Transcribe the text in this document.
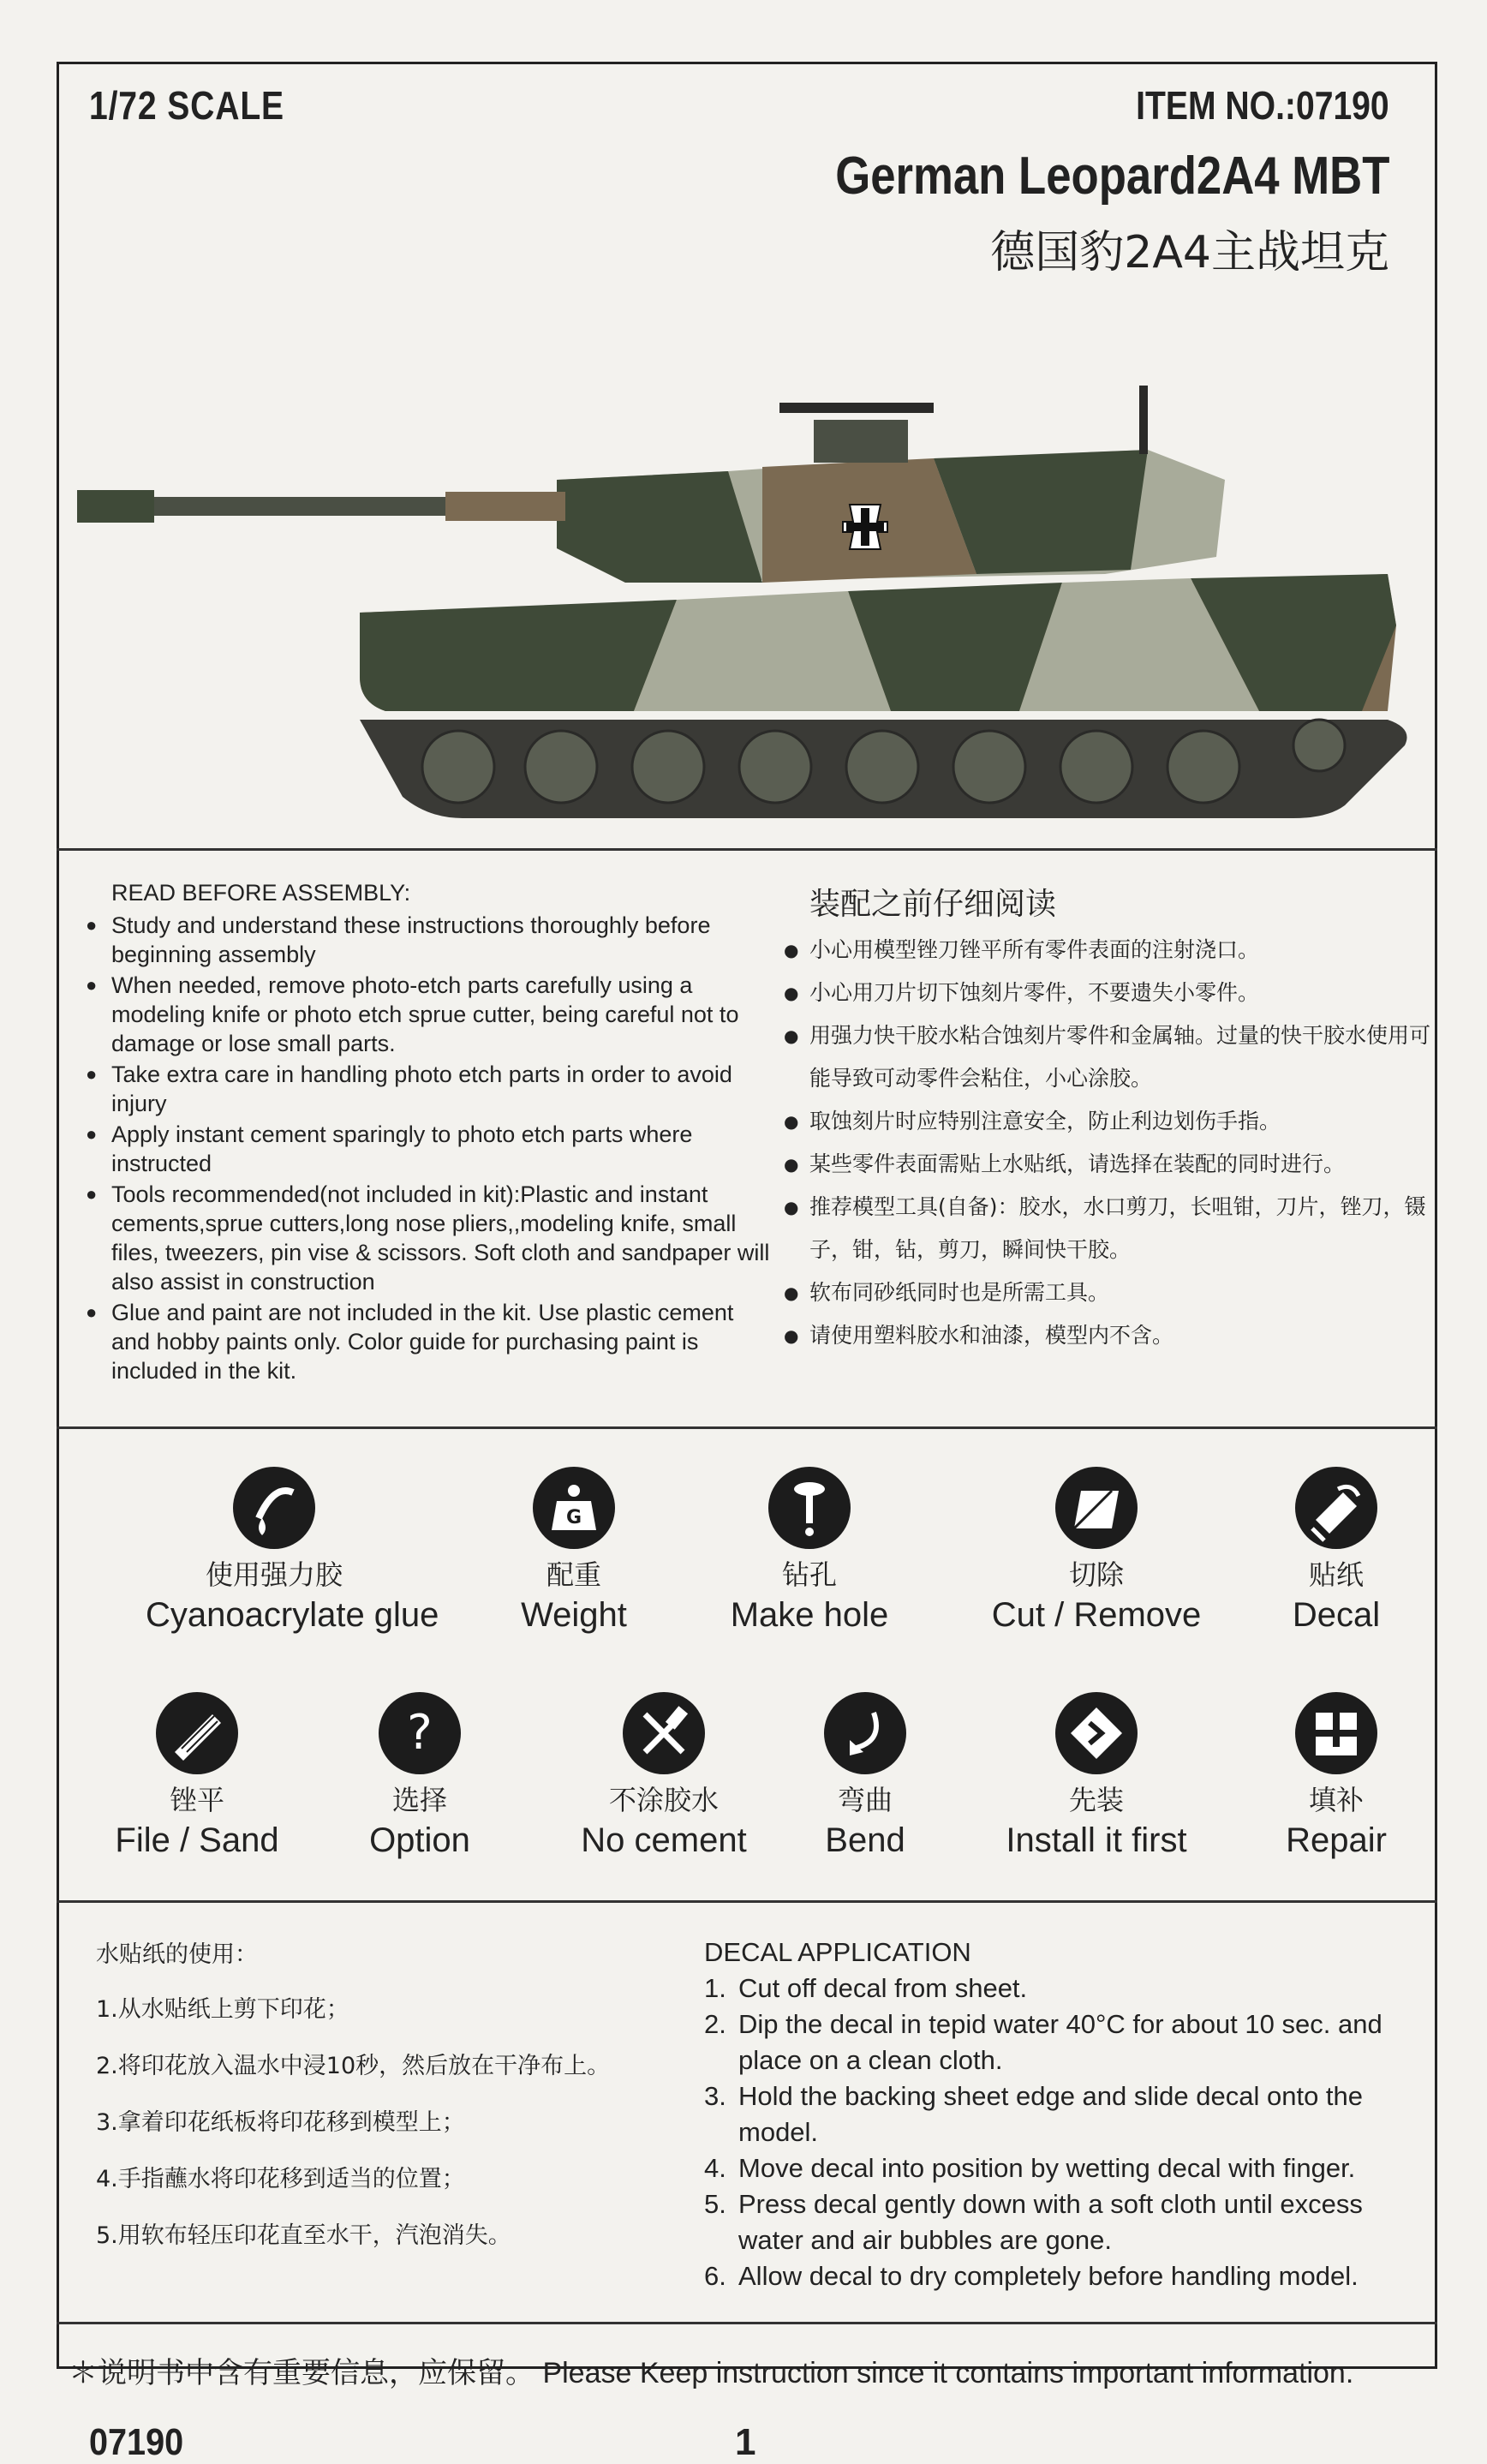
1/72 SCALE	ITEM NO.:07190
German Leopard2A4 MBT
德国豹2A4主战坦克
READ BEFORE ASSEMBLY:
● Study and understand these instructions thoroughly before beginning assembly
● When needed, remove photo-etch parts carefully using a modeling knife or photo etch sprue cutter, being careful not to damage or lose small parts.
● Take extra care in handling photo etch parts in order to avoid injury
● Apply instant cement sparingly to photo etch parts where instructed
● Tools recommended(not included in kit):Plastic and instant cements,sprue cutters,long nose pliers,,modeling knife, small files, tweezers, pin vise & scissors. Soft cloth and sandpaper will also assist in construction
● Glue and paint are not included in the kit. Use plastic cement and hobby paints only. Color guide for purchasing paint is included in the kit.
装配之前仔细阅读
● 小心用模型锉刀锉平所有零件表面的注射浇口。
● 小心用刀片切下蚀刻片零件，不要遗失小零件。
● 用强力快干胶水粘合蚀刻片零件和金属轴。过量的快干胶水使用可能导致可动零件会粘住，小心涂胶。
● 取蚀刻片时应特别注意安全，防止利边划伤手指。
● 某些零件表面需贴上水贴纸，请选择在装配的同时进行。
● 推荐模型工具(自备)：胶水，水口剪刀，长咀钳，刀片，锉刀，镊子，钳，钻，剪刀，瞬间快干胶。
● 软布同砂纸同时也是所需工具。
● 请使用塑料胶水和油漆，模型内不含。
使用强力胶
Cyanoacrylate glue
G
配重
Weight
钻孔
Make hole
切除
Cut / Remove
贴纸
Decal
锉平
File / Sand
?
选择
Option
不涂胶水
No cement
弯曲
Bend
先装
Install it first
填补
Repair
水贴纸的使用：
1.从水贴纸上剪下印花；
2.将印花放入温水中浸10秒，然后放在干净布上。
3.拿着印花纸板将印花移到模型上；
4.手指蘸水将印花移到适当的位置；
5.用软布轻压印花直至水干，汽泡消失。
DECAL APPLICATION
1. Cut off decal from sheet.
2. Dip the decal in tepid water 40°C for about 10 sec. and place on a clean cloth.
3. Hold the backing sheet edge and slide decal onto the model.
4. Move decal into position by wetting decal with finger.
5. Press decal gently down with a soft cloth until excess water and air bubbles are gone.
6. Allow decal to dry completely before handling model.
＊说明书中含有重要信息，应保留。 Please Keep instruction since it contains important information.
07190	1
